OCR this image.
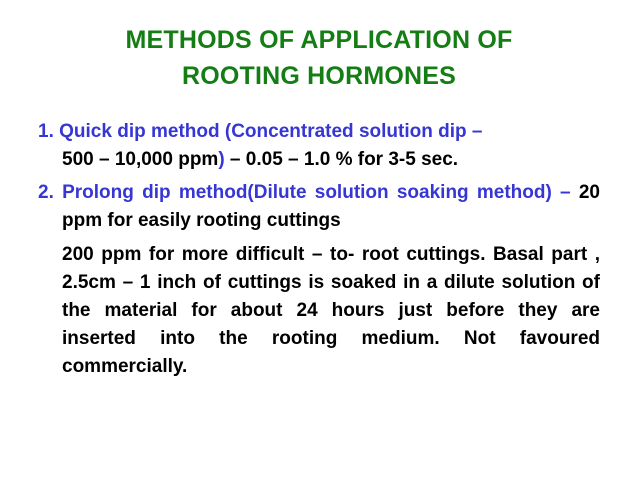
METHODS OF APPLICATION OF
ROOTING HORMONES

1. Quick dip method (Concentrated solution dip –
500 – 10,000 ppm) – 0.05 – 1.0 % for 3-5 sec.

2. Prolong dip method(Dilute solution soaking method) – 20 ppm for easily rooting cuttings

200 ppm for more difficult – to- root cuttings. Basal part , 2.5cm – 1 inch of cuttings is soaked in a dilute solution of the material for about 24 hours just before they are inserted into the rooting medium. Not favoured commercially.
